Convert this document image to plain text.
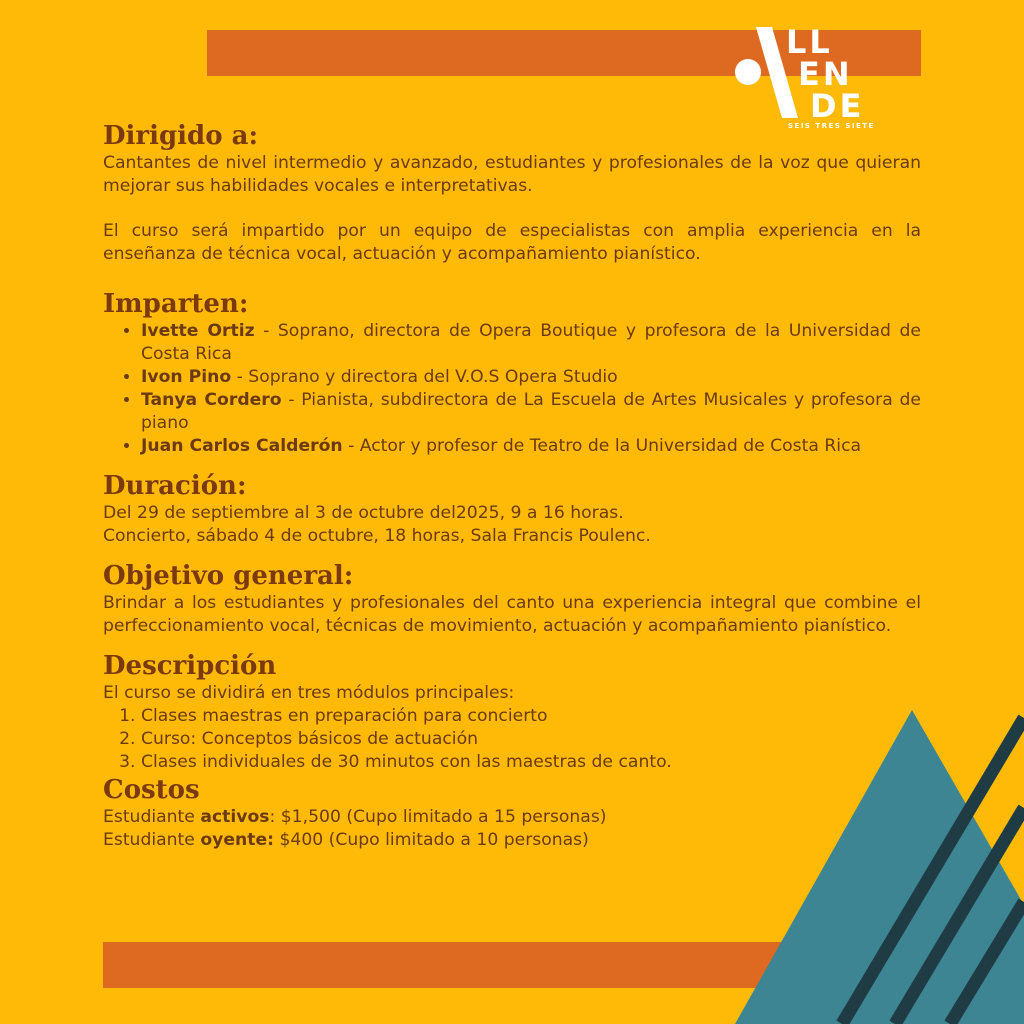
LL
EN
DE
SEIS TRES SIETE
Dirigido a:

Cantantes de nivel intermedio y avanzado, estudiantes y profesionales de la voz que quieran mejorar sus habilidades vocales e interpretativas.

El curso será impartido por un equipo de especialistas con amplia experiencia en la enseñanza de técnica vocal, actuación y acompañamiento pianístico.

Imparten:
• Ivette Ortiz - Soprano, directora de Opera Boutique y profesora de la Universidad de Costa Rica
• Ivon Pino - Soprano y directora del V.O.S Opera Studio
• Tanya Cordero - Pianista, subdirectora de La Escuela de Artes Musicales y profesora de piano
• Juan Carlos Calderón - Actor y profesor de Teatro de la Universidad de Costa Rica
Duración:

Del 29 de septiembre al 3 de octubre del2025, 9 a 16 horas.

Concierto, sábado 4 de octubre, 18 horas, Sala Francis Poulenc.

Objetivo general:

Brindar a los estudiantes y profesionales del canto una experiencia integral que combine el perfeccionamiento vocal, técnicas de movimiento, actuación y acompañamiento pianístico.

Descripción

El curso se dividirá en tres módulos principales:

1. Clases maestras en preparación para concierto
2. Curso: Conceptos básicos de actuación
3. Clases individuales de 30 minutos con las maestras de canto.
Costos

Estudiante activos: $1,500 (Cupo limitado a 15 personas)

Estudiante oyente: $400 (Cupo limitado a 10 personas)
